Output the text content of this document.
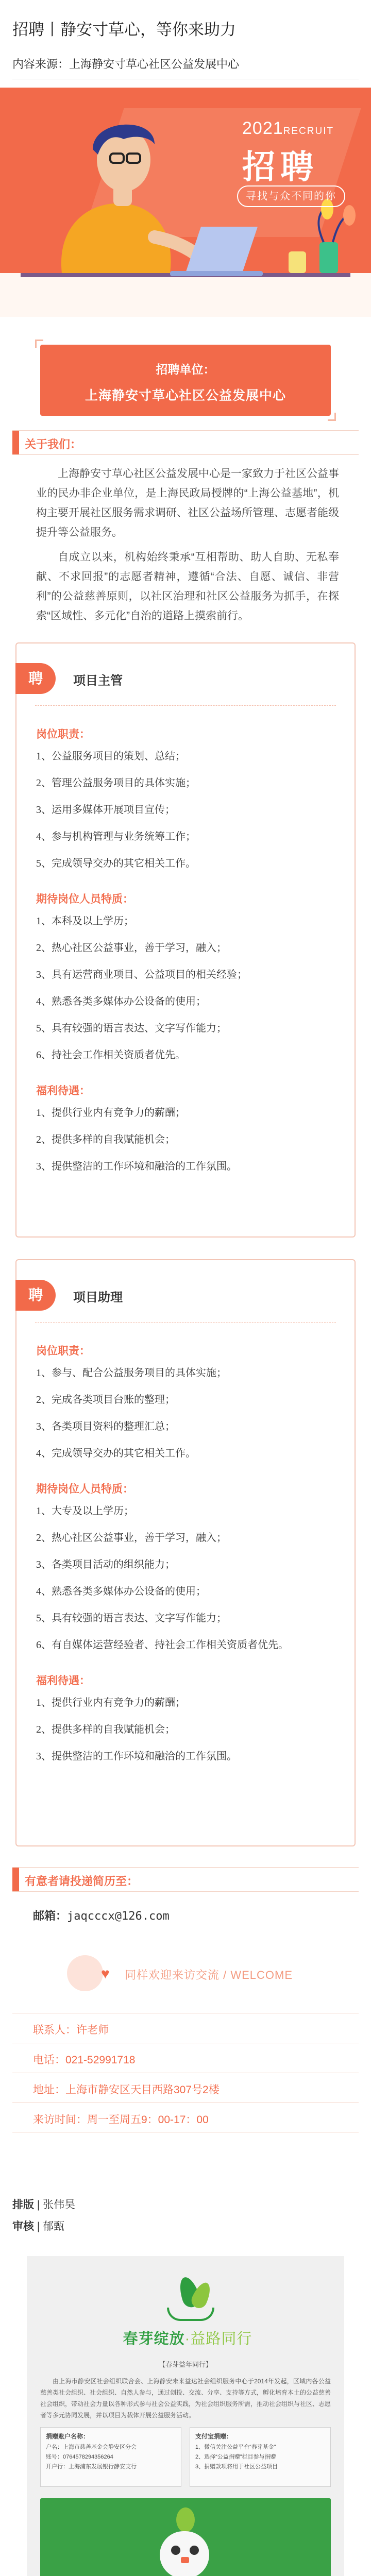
招聘丨静安寸草心，等你来助力
内容来源：上海静安寸草心社区公益发展中心
2021RECRUIT
招聘
寻找与众不同的你
招聘单位：
上海静安寸草心社区公益发展中心
关于我们：

上海静安寸草心社区公益发展中心是一家致力于社区公益事业的民办非企业单位，是上海民政局授牌的“上海公益基地”，机构主要开展社区服务需求调研、社区公益场所管理、志愿者能级提升等公益服务。

自成立以来，机构始终秉承“互相帮助、助人自助、无私奉献、不求回报”的志愿者精神，遵循“合法、自愿、诚信、非营利”的公益慈善原则，以社区治理和社区公益服务为抓手，在探索“区域性、多元化”自治的道路上摸索前行。

聘	项目主管
岗位职责：
1、公益服务项目的策划、总结；
2、管理公益服务项目的具体实施；
3、运用多媒体开展项目宣传；
4、参与机构管理与业务统筹工作；
5、完成领导交办的其它相关工作。
期待岗位人员特质：
1、本科及以上学历；
2、热心社区公益事业，善于学习，融入；
3、具有运营商业项目、公益项目的相关经验；
4、熟悉各类多媒体办公设备的使用；
5、具有较强的语言表达、文字写作能力；
6、持社会工作相关资质者优先。
福利待遇：
1、提供行业内有竞争力的薪酬；
2、提供多样的自我赋能机会；
3、提供整洁的工作环境和融洽的工作氛围。
聘	项目助理
岗位职责：
1、参与、配合公益服务项目的具体实施；
2、完成各类项目台账的整理；
3、各类项目资料的整理汇总；
4、完成领导交办的其它相关工作。
期待岗位人员特质：
1、大专及以上学历；
2、热心社区公益事业，善于学习，融入；
3、各类项目活动的组织能力；
4、熟悉各类多媒体办公设备的使用；
5、具有较强的语言表达、文字写作能力；
6、有自媒体运营经验者、持社会工作相关资质者优先。
福利待遇：
1、提供行业内有竞争力的薪酬；
2、提供多样的自我赋能机会；
3、提供整洁的工作环境和融洽的工作氛围。
有意者请投递简历至：
邮箱：jaqcccx@126.com
♥ 同样欢迎来访交流 / WELCOME
联系人：许老师
电话：021-52991718
地址：上海市静安区天目西路307号2楼
来访时间：周一至周五9：00-17：00
排版 | 张伟昊
审核 | 郁甄
春芽绽放·益路同行
【春芽益年同行】
由上海市静安区社会组织联合会、上海静安未来益达社会组织服务中心于2014年发起，区域内各公益慈善类社会组织、社会组织、自然人参与，通过创投、交流、分享、支持等方式，孵化培育本土的公益慈善社会组织，带动社会力量以各种形式参与社会公益实践，为社会组织服务所需，推动社会组织与社区、志愿者等多元协同发展，并以项目为载体开展公益服务活动。
捐赠账户名称：
户名：上海市慈善基金会静安区分会
账号：0764578294356264
开户行：上海浦东发展银行静安支行
支付宝捐赠：
1、微信关注公益平台“春芽基金”
2、选择“公益捐赠”栏目参与捐赠
3、捐赠款项将用于社区公益项目
